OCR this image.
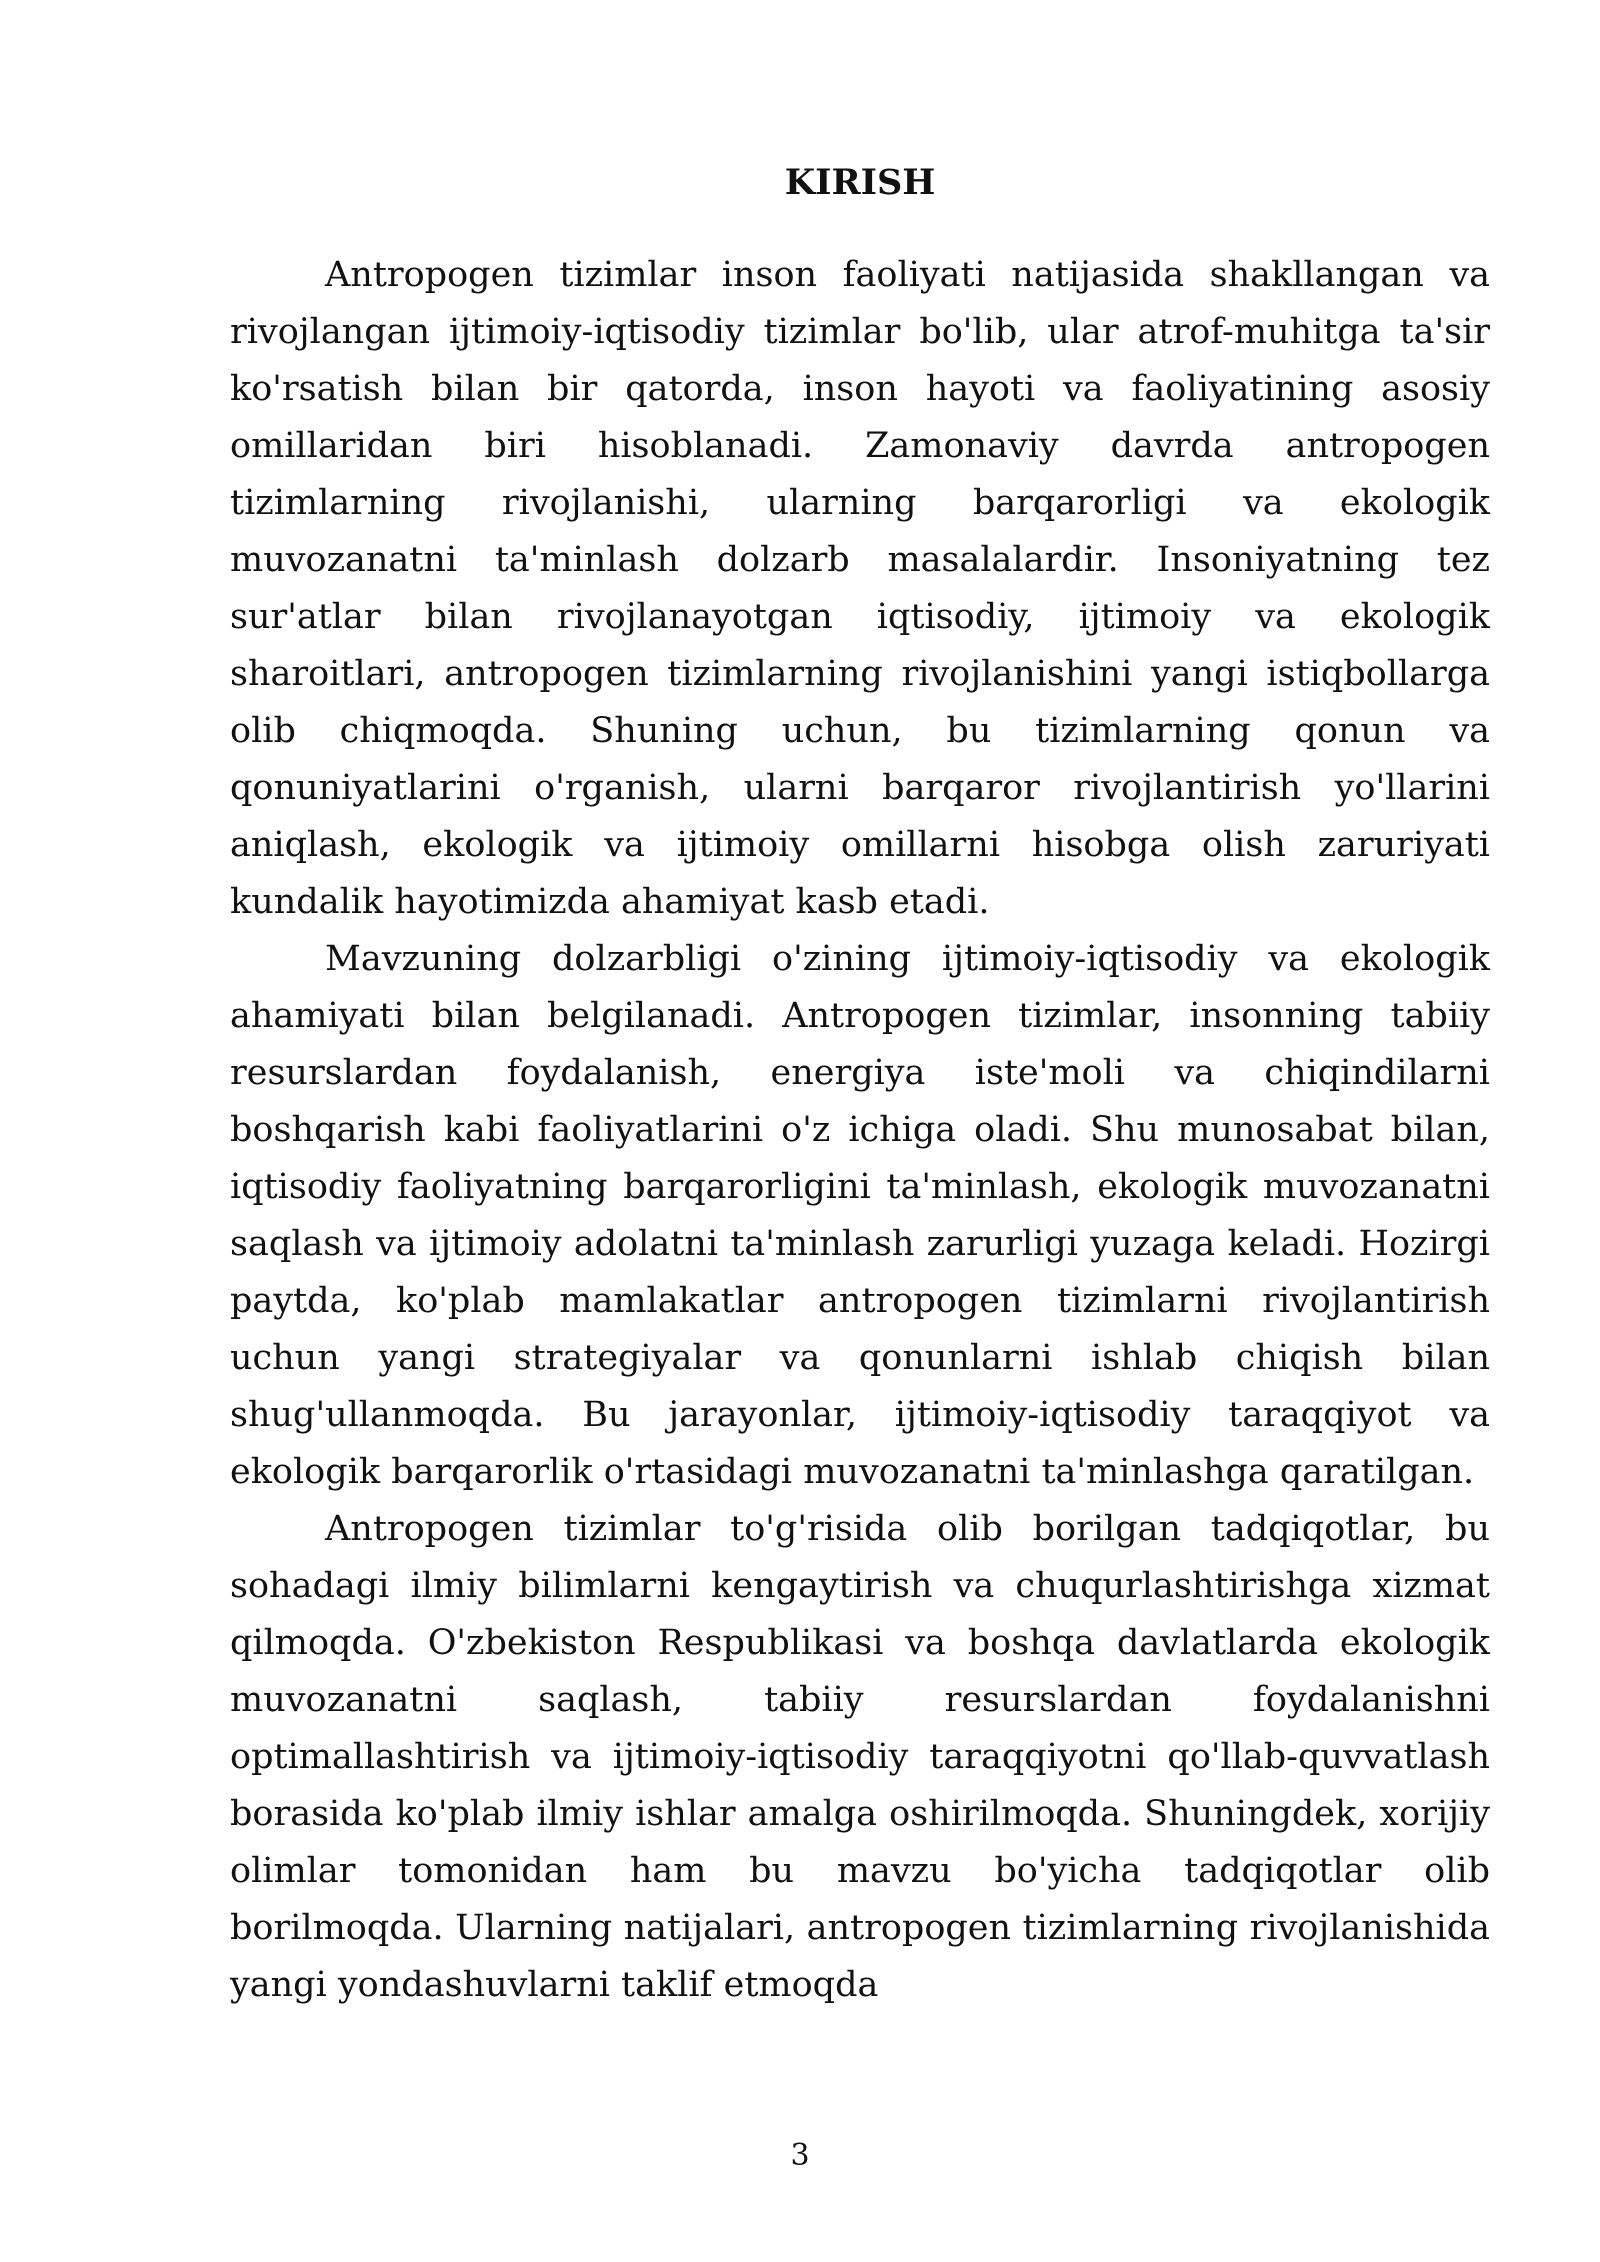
KIRISH

Antropogen tizimlar inson faoliyati natijasida shakllangan va rivojlangan ijtimoiy-iqtisodiy tizimlar bo'lib, ular atrof-muhitga ta'sir ko'rsatish bilan bir qatorda, inson hayoti va faoliyatining asosiy omillaridan biri hisoblanadi. Zamonaviy davrda antropogen tizimlarning rivojlanishi, ularning barqarorligi va ekologik muvozanatni ta'minlash dolzarb masalalardir. Insoniyatning tez sur'atlar bilan rivojlanayotgan iqtisodiy, ijtimoiy va ekologik sharoitlari, antropogen tizimlarning rivojlanishini yangi istiqbollarga olib chiqmoqda. Shuning uchun, bu tizimlarning qonun va qonuniyatlarini o'rganish, ularni barqaror rivojlantirish yo'llarini aniqlash, ekologik va ijtimoiy omillarni hisobga olish zaruriyati kundalik hayotimizda ahamiyat kasb etadi.

Mavzuning dolzarbligi o'zining ijtimoiy-iqtisodiy va ekologik ahamiyati bilan belgilanadi. Antropogen tizimlar, insonning tabiiy resurslardan foydalanish, energiya iste'moli va chiqindilarni boshqarish kabi faoliyatlarini o'z ichiga oladi. Shu munosabat bilan, iqtisodiy faoliyatning barqarorligini ta'minlash, ekologik muvozanatni saqlash va ijtimoiy adolatni ta'minlash zarurligi yuzaga keladi. Hozirgi paytda, ko'plab mamlakatlar antropogen tizimlarni rivojlantirish uchun yangi strategiyalar va qonunlarni ishlab chiqish bilan shug'ullanmoqda. Bu jarayonlar, ijtimoiy-iqtisodiy taraqqiyot va ekologik barqarorlik o'rtasidagi muvozanatni ta'minlashga qaratilgan.

Antropogen tizimlar to'g'risida olib borilgan tadqiqotlar, bu sohadagi ilmiy bilimlarni kengaytirish va chuqurlashtirishga xizmat qilmoqda. O'zbekiston Respublikasi va boshqa davlatlarda ekologik muvozanatni saqlash, tabiiy resurslardan foydalanishni optimallashtirish va ijtimoiy-iqtisodiy taraqqiyotni qo'llab-quvvatlash borasida ko'plab ilmiy ishlar amalga oshirilmoqda. Shuningdek, xorijiy olimlar tomonidan ham bu mavzu bo'yicha tadqiqotlar olib borilmoqda. Ularning natijalari, antropogen tizimlarning rivojlanishida yangi yondashuvlarni taklif etmoqda

3
